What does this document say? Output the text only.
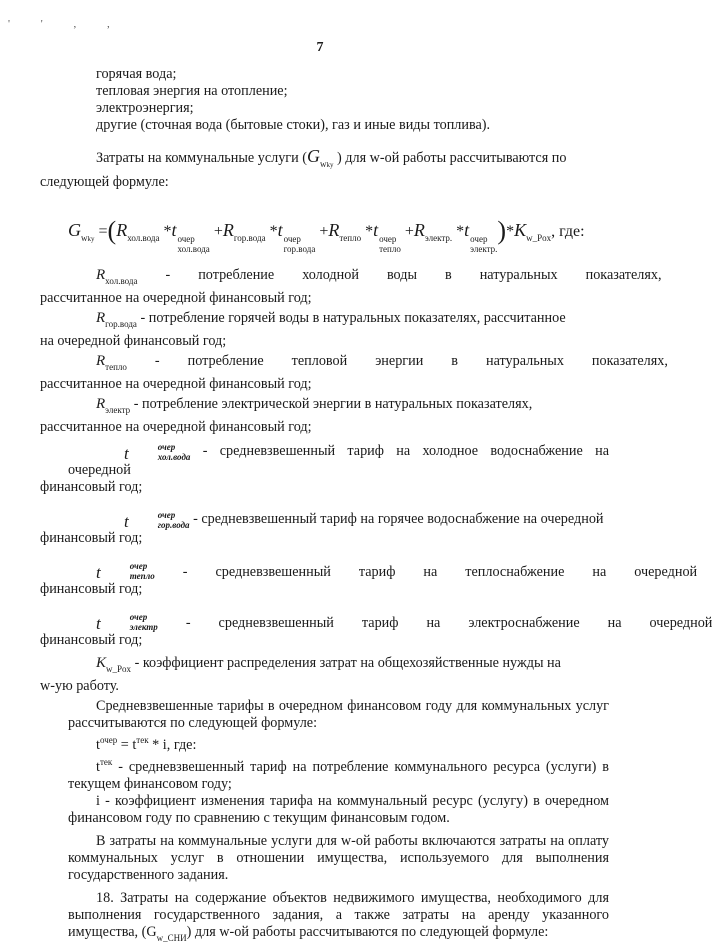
' ' , ,
7

горячая вода;

тепловая энергия на отопление;

электроэнергия;

другие (сточная вода (бытовые стоки), газ и иные виды топлива).

Затраты на коммунальные услуги ($G_{wky}$ ) для w-ой работы рассчитываются по
следующей формуле:

$G_{wky} =(R_{хол.вода}$ *t очер
хол.вода
$+R_{гор.вода}$ *t очер
гор.вода
$+R_{тепло}$ *t очер
тепло
$+R_{электр.}$ *t очер
электр.
)$*K_{w\_Pox}$, где:
$R_{хол.вода}$	-	потребление	холодной	воды	в	натуральных	показателях,

рассчитанное на очередной финансовый год;

$R_{гор.вода}$ - потребление горячей воды в натуральных показателях, рассчитанное

на очередной финансовый год;

$R_{тепло}$	-	потребление	тепловой	энергии	в	натуральных	показателях,

рассчитанное на очередной финансовый год;

$R_{электр}$ - потребление электрической энергии в натуральных показателях,

рассчитанное на очередной финансовый год;

t	очер
хол.вода - средневзвешенный тариф на холодное водоснабжение на очередной

финансовый год;

t	очер
гор.вода - средневзвешенный тариф на горячее водоснабжение на очередной

финансовый год;

t	очер
тепло	-	средневзвешенный	тариф	на	теплоснабжение	на	очередной

финансовый год;

t	очер
электр	-	средневзвешенный	тариф	на	электроснабжение	на	очередной

финансовый год;

$K_{w\_Pox}$ - коэффициент распределения затрат на общехозяйственные нужды на

w-ую работу.

Средневзвешенные тарифы в очередном финансовом году для коммунальных услуг рассчитываются по следующей формуле:

$t^{очер} = t^{тек} * i$, где:

$t^{тек}$ - средневзвешенный тариф на потребление коммунального ресурса (услуги) в текущем финансовом году;

i - коэффициент изменения тарифа на коммунальный ресурс (услугу) в очередном финансовом году по сравнению с текущим финансовым годом.

В затраты на коммунальные услуги для w-ой работы включаются затраты на оплату коммунальных услуг в отношении имущества, используемого для выполнения государственного задания.

18. Затраты на содержание объектов недвижимого имущества, необходимого для выполнения государственного задания, а также затраты на аренду указанного имущества, $(G_{w\_СНИ})$ для w-ой работы рассчитываются по следующей формуле:
